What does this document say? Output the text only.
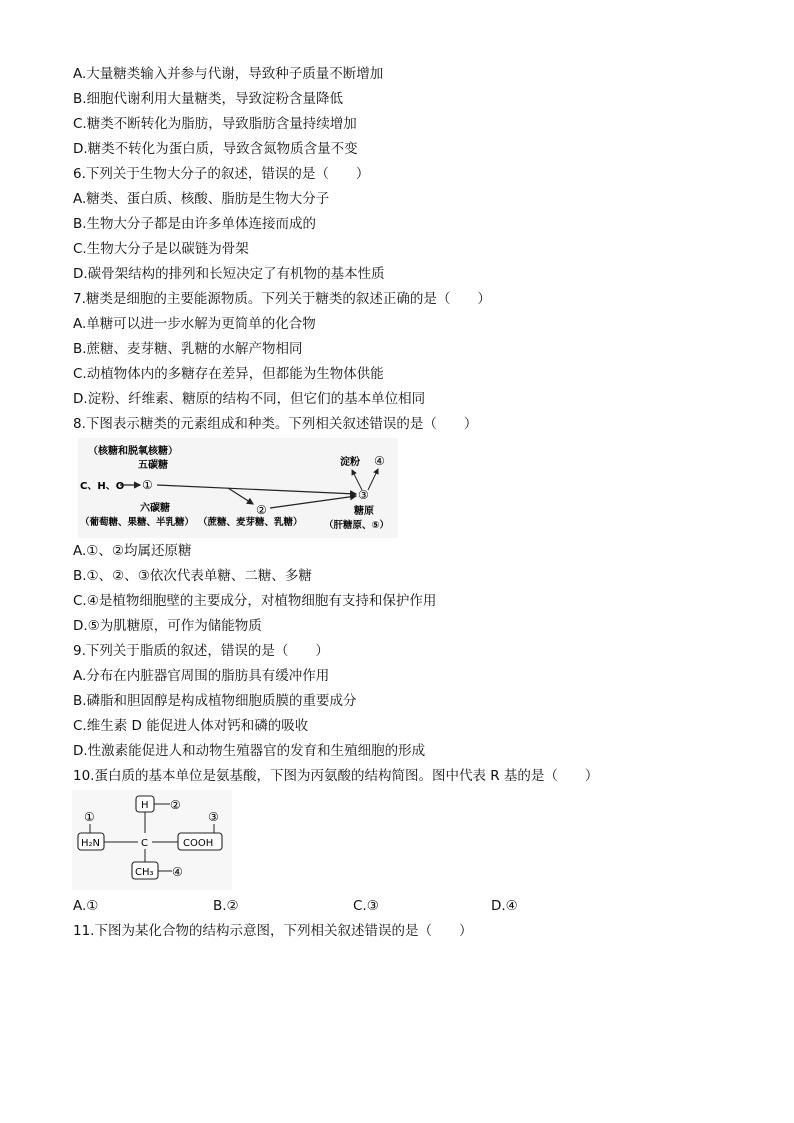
A.大量糖类输入并参与代谢，导致种子质量不断增加
B.细胞代谢利用大量糖类，导致淀粉含量降低
C.糖类不断转化为脂肪，导致脂肪含量持续增加
D.糖类不转化为蛋白质，导致含氮物质含量不变
6.下列关于生物大分子的叙述，错误的是（　　）
A.糖类、蛋白质、核酸、脂肪是生物大分子
B.生物大分子都是由许多单体连接而成的
C.生物大分子是以碳链为骨架
D.碳骨架结构的排列和长短决定了有机物的基本性质
7.糖类是细胞的主要能源物质。下列关于糖类的叙述正确的是（　　）
A.单糖可以进一步水解为更简单的化合物
B.蔗糖、麦芽糖、乳糖的水解产物相同
C.动植物体内的多糖存在差异，但都能为生物体供能
D.淀粉、纤维素、糖原的结构不同，但它们的基本单位相同
8.下图表示糖类的元素组成和种类。下列相关叙述错误的是（　　）
（核糖和脱氧核糖）
五碳糖
C、H、O ①
②
六碳糖
（葡萄糖、果糖、半乳糖） （蔗糖、麦芽糖、乳糖）
淀粉 ④
③
糖原
（肝糖原、⑤）
A.①、②均属还原糖
B.①、②、③依次代表单糖、二糖、多糖
C.④是植物细胞壁的主要成分，对植物细胞有支持和保护作用
D.⑤为肌糖原，可作为储能物质
9.下列关于脂质的叙述，错误的是（　　）
A.分布在内脏器官周围的脂肪具有缓冲作用
B.磷脂和胆固醇是构成植物细胞质膜的重要成分
C.维生素 D 能促进人体对钙和磷的吸收
D.性激素能促进人和动物生殖器官的发育和生殖细胞的形成
10.蛋白质的基本单位是氨基酸，下图为丙氨酸的结构简图。图中代表 R 基的是（　　）
H ②
①
H₂N	C
③
COOH
CH₃ ④
A.①	B.②	C.③	D.④
11.下图为某化合物的结构示意图，下列相关叙述错误的是（　　）
